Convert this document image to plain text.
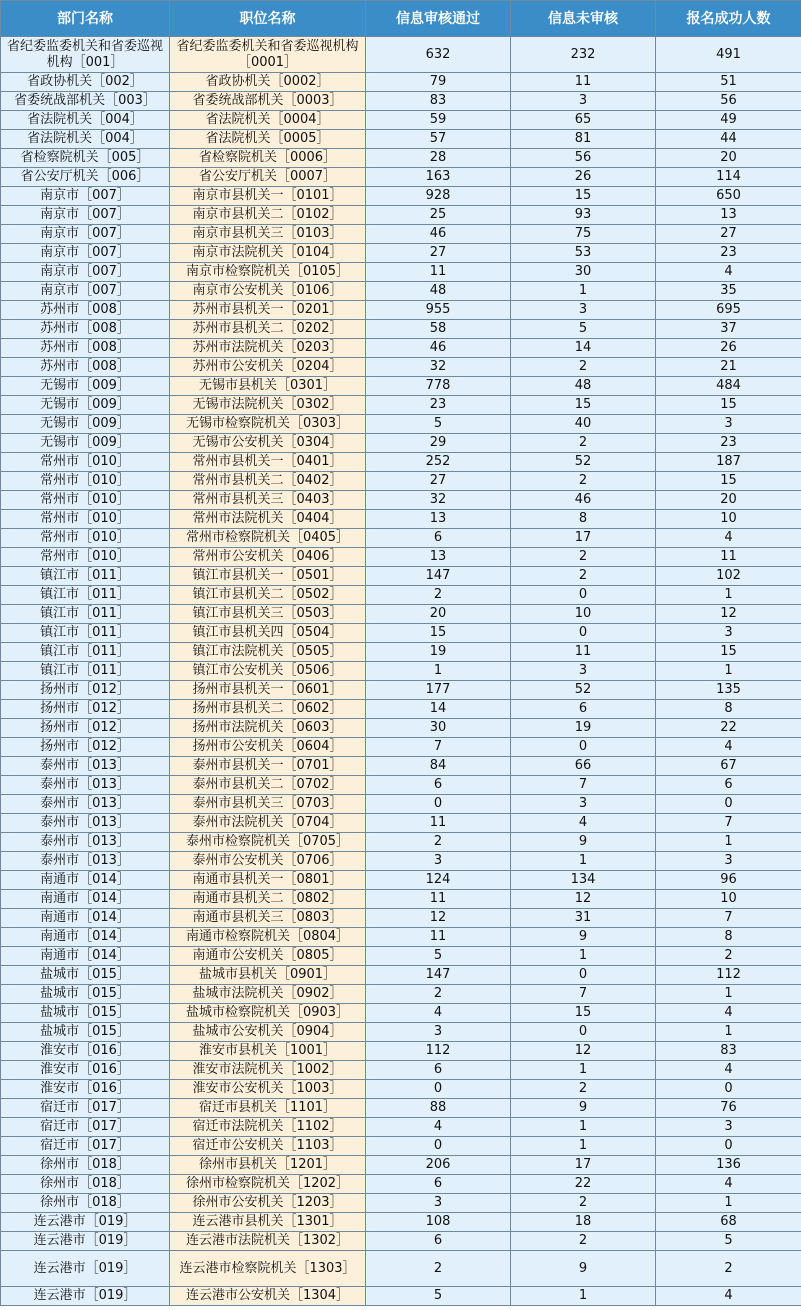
部门名称	职位名称	信息审核通过	信息未审核	报名成功人数
省纪委监委机关和省委巡视机构［001］	省纪委监委机关和省委巡视机构［0001］	632	232	491
省政协机关［002］	省政协机关［0002］	79	11	51
省委统战部机关［003］	省委统战部机关［0003］	83	3	56
省法院机关［004］	省法院机关［0004］	59	65	49
省法院机关［004］	省法院机关［0005］	57	81	44
省检察院机关［005］	省检察院机关［0006］	28	56	20
省公安厅机关［006］	省公安厅机关［0007］	163	26	114
南京市［007］	南京市县机关一［0101］	928	15	650
南京市［007］	南京市县机关二［0102］	25	93	13
南京市［007］	南京市县机关三［0103］	46	75	27
南京市［007］	南京市法院机关［0104］	27	53	23
南京市［007］	南京市检察院机关［0105］	11	30	4
南京市［007］	南京市公安机关［0106］	48	1	35
苏州市［008］	苏州市县机关一［0201］	955	3	695
苏州市［008］	苏州市县机关二［0202］	58	5	37
苏州市［008］	苏州市法院机关［0203］	46	14	26
苏州市［008］	苏州市公安机关［0204］	32	2	21
无锡市［009］	无锡市县机关［0301］	778	48	484
无锡市［009］	无锡市法院机关［0302］	23	15	15
无锡市［009］	无锡市检察院机关［0303］	5	40	3
无锡市［009］	无锡市公安机关［0304］	29	2	23
常州市［010］	常州市县机关一［0401］	252	52	187
常州市［010］	常州市县机关二［0402］	27	2	15
常州市［010］	常州市县机关三［0403］	32	46	20
常州市［010］	常州市法院机关［0404］	13	8	10
常州市［010］	常州市检察院机关［0405］	6	17	4
常州市［010］	常州市公安机关［0406］	13	2	11
镇江市［011］	镇江市县机关一［0501］	147	2	102
镇江市［011］	镇江市县机关二［0502］	2	0	1
镇江市［011］	镇江市县机关三［0503］	20	10	12
镇江市［011］	镇江市县机关四［0504］	15	0	3
镇江市［011］	镇江市法院机关［0505］	19	11	15
镇江市［011］	镇江市公安机关［0506］	1	3	1
扬州市［012］	扬州市县机关一［0601］	177	52	135
扬州市［012］	扬州市县机关二［0602］	14	6	8
扬州市［012］	扬州市法院机关［0603］	30	19	22
扬州市［012］	扬州市公安机关［0604］	7	0	4
泰州市［013］	泰州市县机关一［0701］	84	66	67
泰州市［013］	泰州市县机关二［0702］	6	7	6
泰州市［013］	泰州市县机关三［0703］	0	3	0
泰州市［013］	泰州市法院机关［0704］	11	4	7
泰州市［013］	泰州市检察院机关［0705］	2	9	1
泰州市［013］	泰州市公安机关［0706］	3	1	3
南通市［014］	南通市县机关一［0801］	124	134	96
南通市［014］	南通市县机关二［0802］	11	12	10
南通市［014］	南通市县机关三［0803］	12	31	7
南通市［014］	南通市检察院机关［0804］	11	9	8
南通市［014］	南通市公安机关［0805］	5	1	2
盐城市［015］	盐城市县机关［0901］	147	0	112
盐城市［015］	盐城市法院机关［0902］	2	7	1
盐城市［015］	盐城市检察院机关［0903］	4	15	4
盐城市［015］	盐城市公安机关［0904］	3	0	1
淮安市［016］	淮安市县机关［1001］	112	12	83
淮安市［016］	淮安市法院机关［1002］	6	1	4
淮安市［016］	淮安市公安机关［1003］	0	2	0
宿迁市［017］	宿迁市县机关［1101］	88	9	76
宿迁市［017］	宿迁市法院机关［1102］	4	1	3
宿迁市［017］	宿迁市公安机关［1103］	0	1	0
徐州市［018］	徐州市县机关［1201］	206	17	136
徐州市［018］	徐州市检察院机关［1202］	6	22	4
徐州市［018］	徐州市公安机关［1203］	3	2	1
连云港市［019］	连云港市县机关［1301］	108	18	68
连云港市［019］	连云港市法院机关［1302］	6	2	5
连云港市［019］	连云港市检察院机关［1303］	2	9	2
连云港市［019］	连云港市公安机关［1304］	5	1	4
